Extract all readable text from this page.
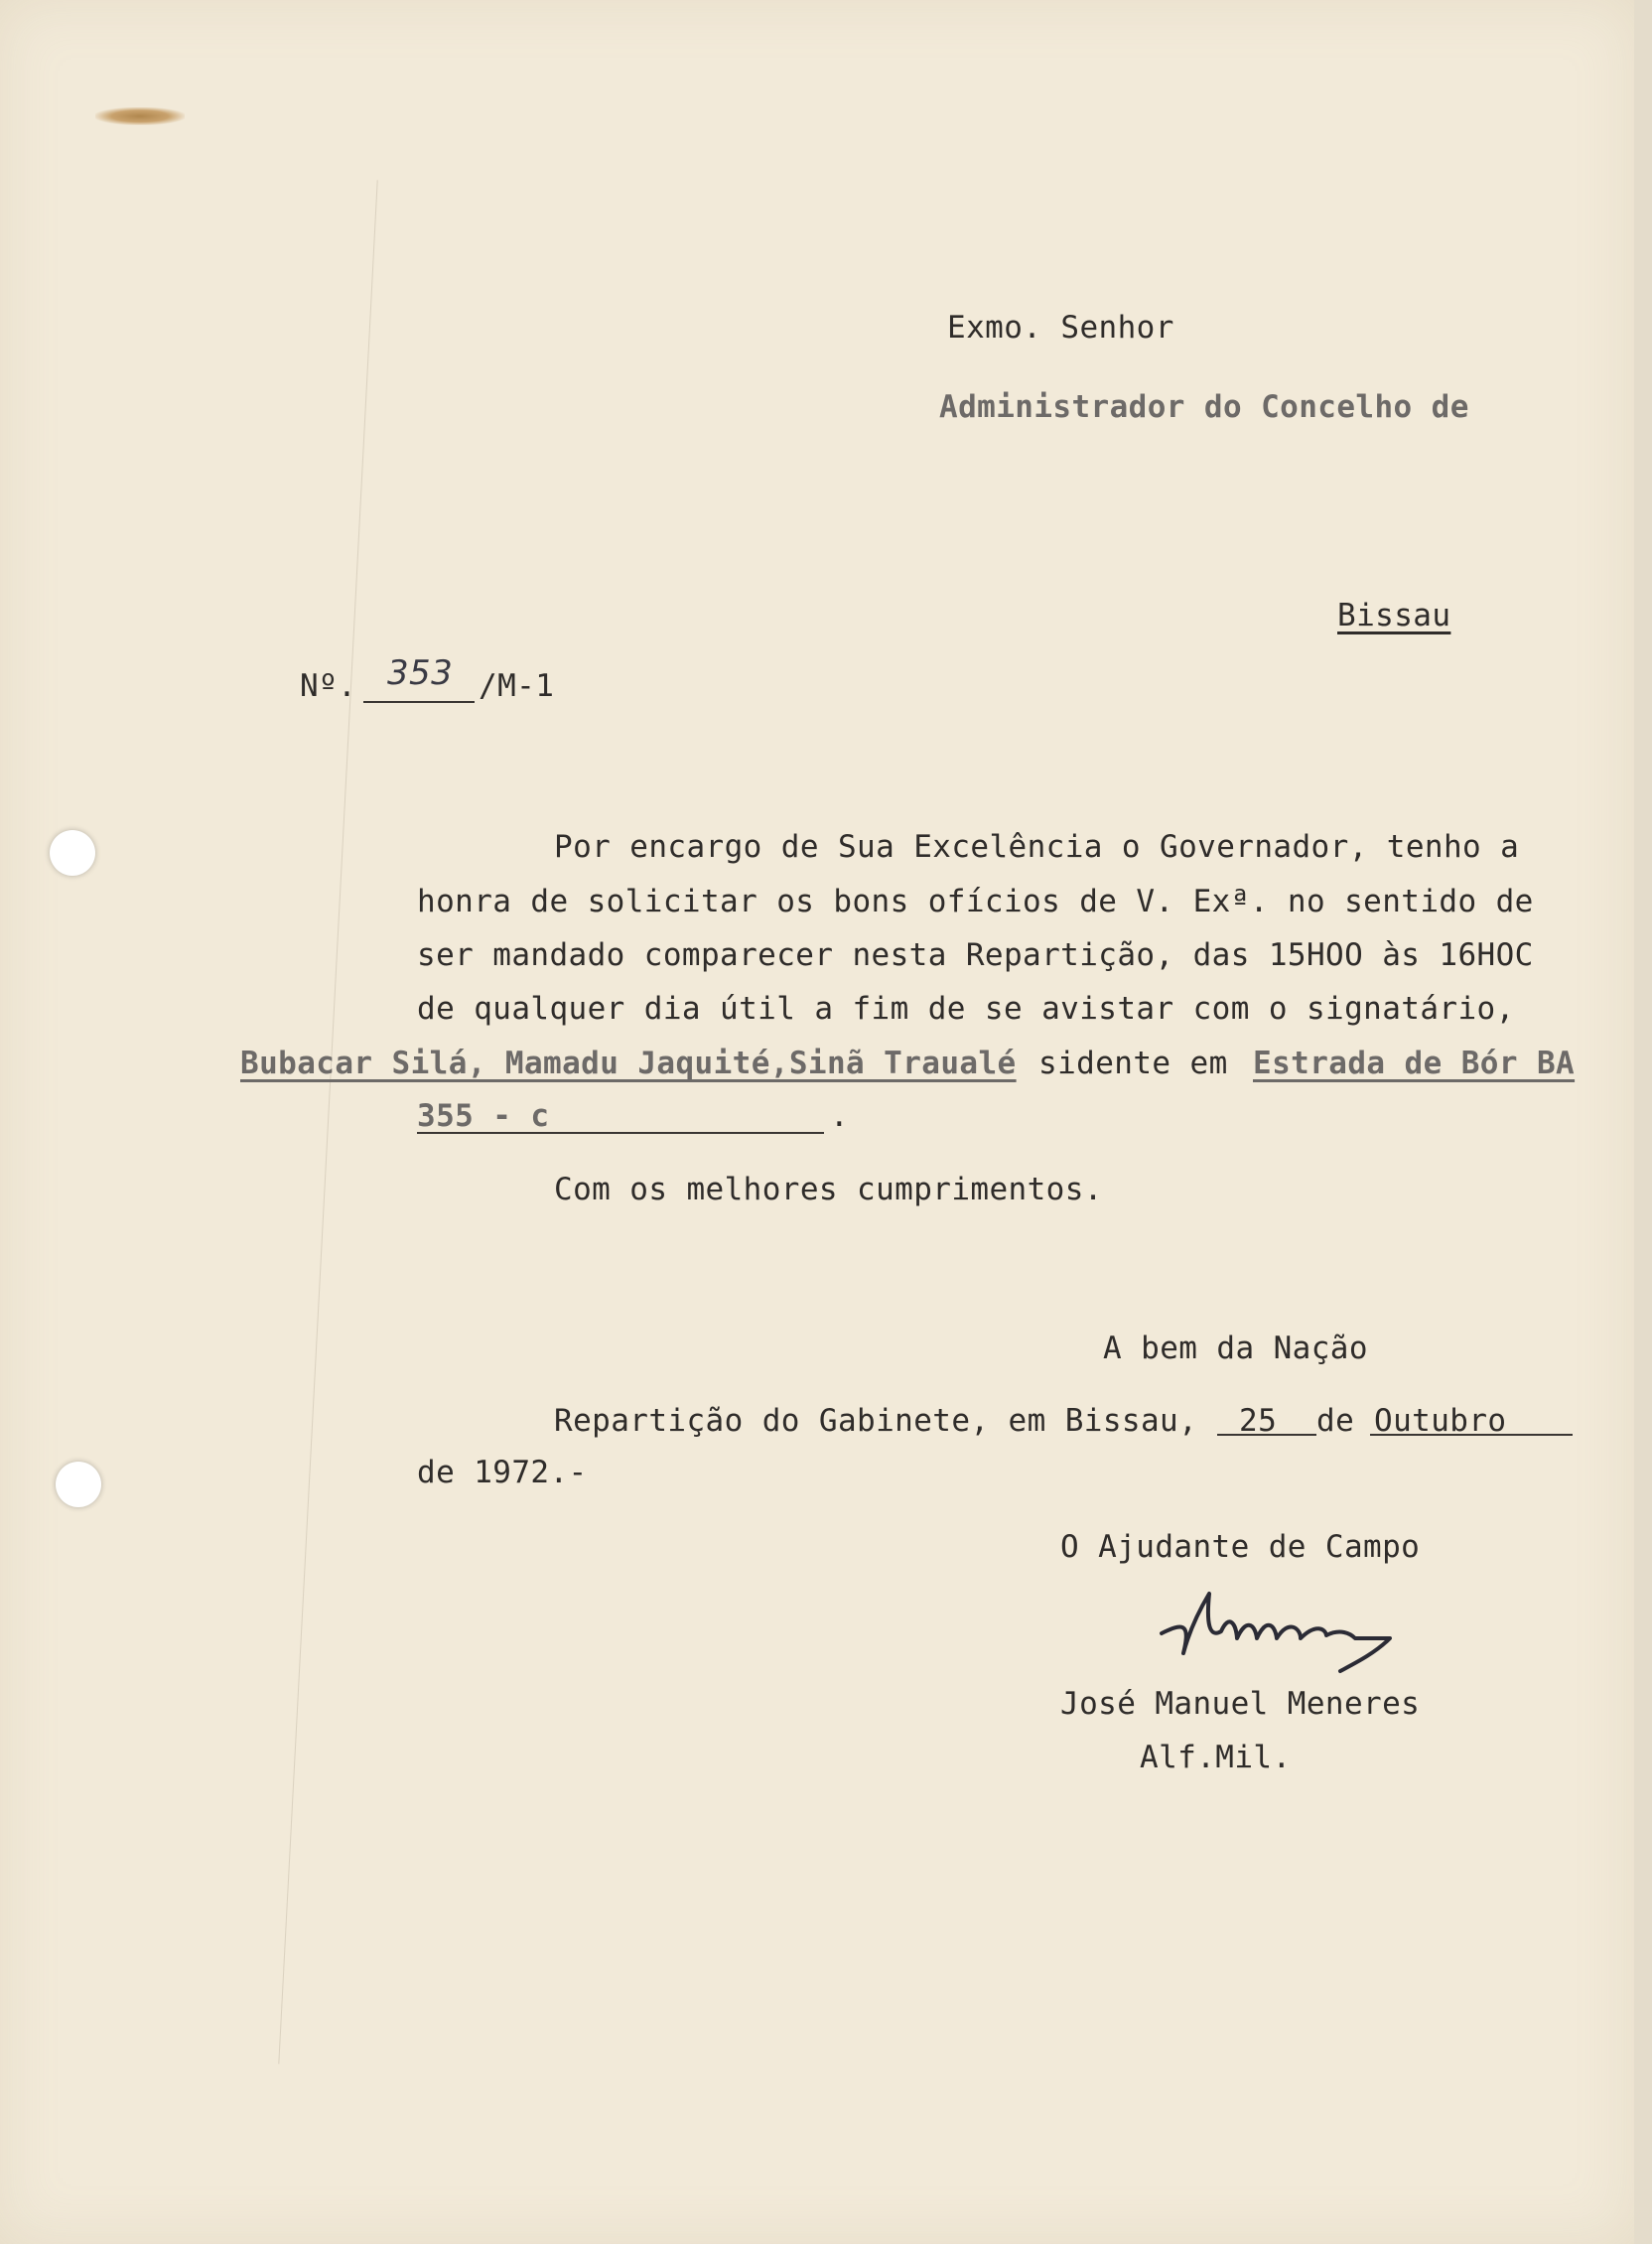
Exmo. Senhor
Administrador do Concelho de
Bissau
Nº. 353 /M-1
Por encargo de Sua Excelência o Governador, tenho a
honra de solicitar os bons ofícios de V. Exª. no sentido de
ser mandado comparecer nesta Repartição, das 15HOO às 16HOC
de qualquer dia útil a fim de se avistar com o signatário,
Bubacar Silá, Mamadu Jaquité,Sinã Traualé sidente em Estrada de Bór BA
355 - c	.
Com os melhores cumprimentos.
A bem da Nação
Repartição do Gabinete, em Bissau, 25 de Outubro
de 1972.-
O Ajudante de Campo
José Manuel Meneres
Alf.Mil.
